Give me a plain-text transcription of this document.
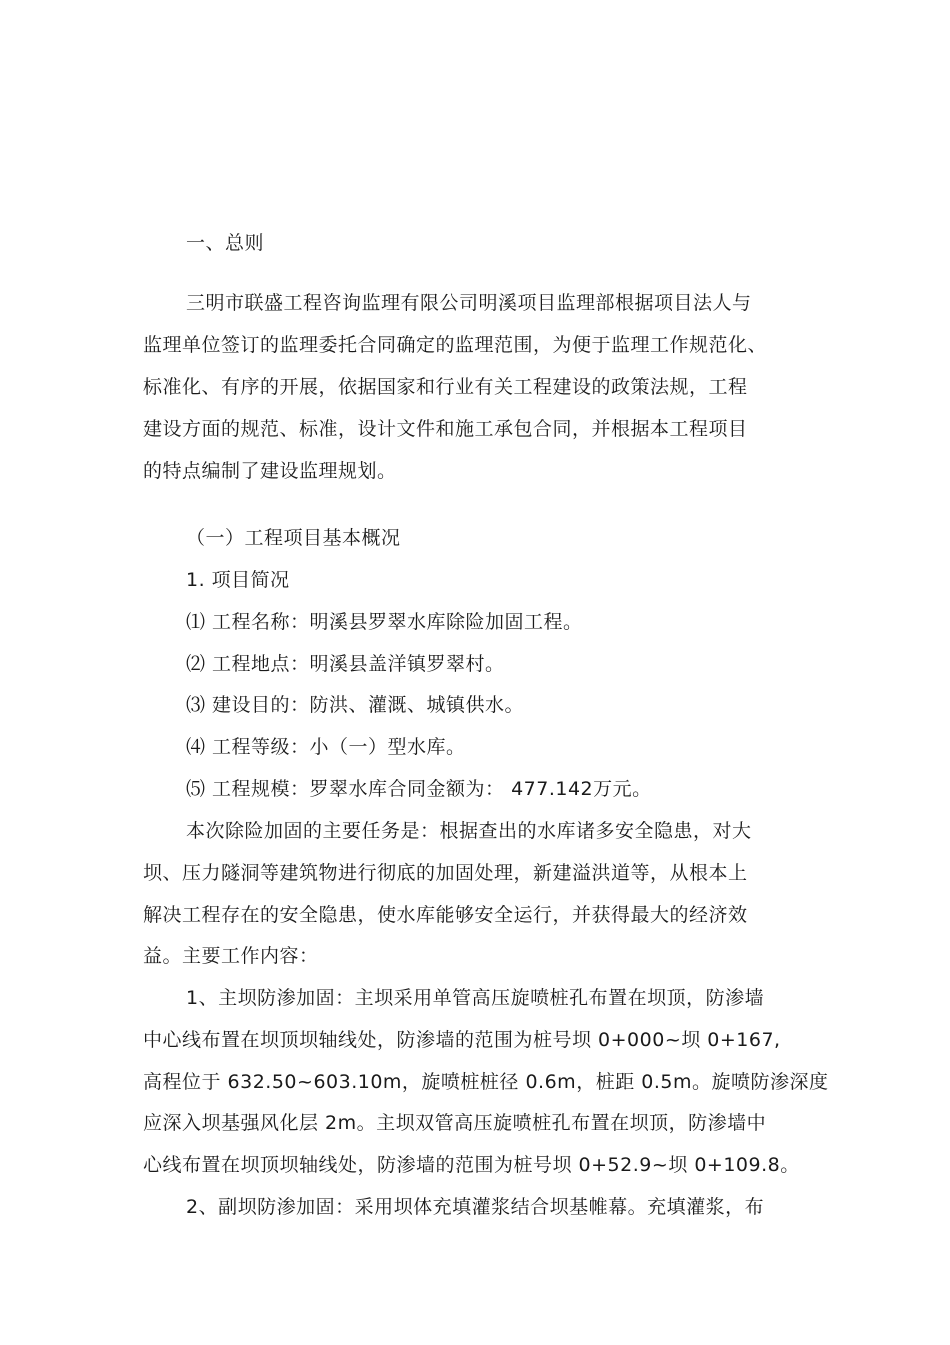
一、总则
三明市联盛工程咨询监理有限公司明溪项目监理部根据项目法人与
监理单位签订的监理委托合同确定的监理范围，为便于监理工作规范化、
标准化、有序的开展，依据国家和行业有关工程建设的政策法规，工程
建设方面的规范、标准，设计文件和施工承包合同，并根据本工程项目
的特点编制了建设监理规划。
（一）工程项目基本概况
1. 项目简况
⑴ 工程名称：明溪县罗翠水库除险加固工程。
⑵ 工程地点：明溪县盖洋镇罗翠村。
⑶ 建设目的：防洪、灌溉、城镇供水。
⑷ 工程等级：小（一）型水库。
⑸ 工程规模：罗翠水库合同金额为： 477.142万元。
本次除险加固的主要任务是：根据查出的水库诸多安全隐患，对大
坝、压力隧洞等建筑物进行彻底的加固处理，新建溢洪道等，从根本上
解决工程存在的安全隐患，使水库能够安全运行，并获得最大的经济效
益。主要工作内容：
1、主坝防渗加固：主坝采用单管高压旋喷桩孔布置在坝顶，防渗墙
中心线布置在坝顶坝轴线处，防渗墙的范围为桩号坝 0+000~坝 0+167,
高程位于 632.50~603.10m，旋喷桩桩径 0.6m，桩距 0.5m。旋喷防渗深度
应深入坝基强风化层 2m。主坝双管高压旋喷桩孔布置在坝顶，防渗墙中
心线布置在坝顶坝轴线处，防渗墙的范围为桩号坝 0+52.9~坝 0+109.8。
2、副坝防渗加固：采用坝体充填灌浆结合坝基帷幕。充填灌浆，布
